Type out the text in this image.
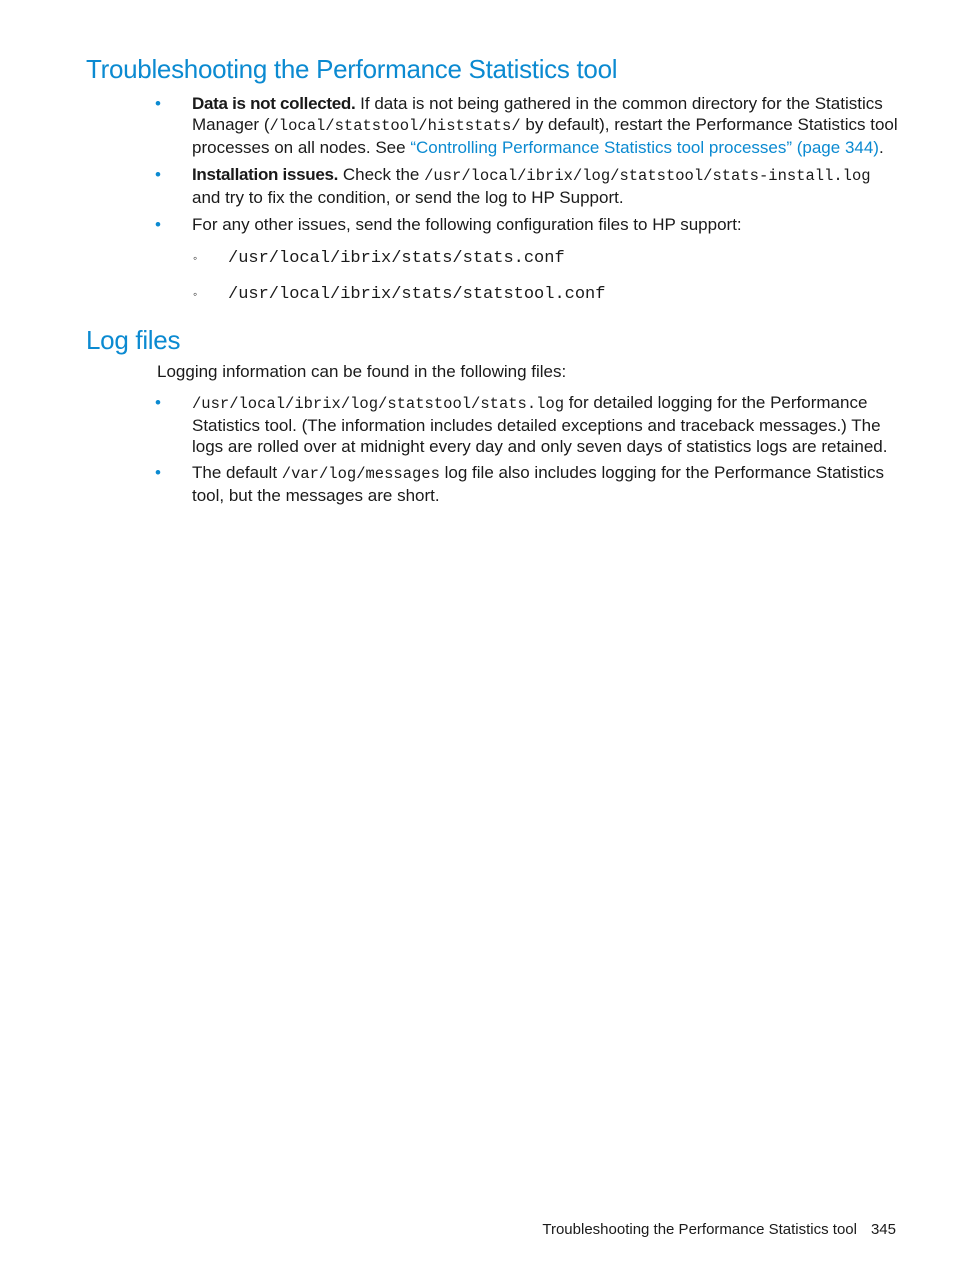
Troubleshooting the Performance Statistics tool
• Data is not collected. If data is not being gathered in the common directory for the Statistics Manager (/local/statstool/histstats/ by default), restart the Performance Statistics tool processes on all nodes. See “Controlling Performance Statistics tool processes” (page 344).
• Installation issues. Check the /usr/local/ibrix/log/statstool/stats-install.log and try to fix the condition, or send the log to HP Support.
• For any other issues, send the following configuration files to HP support:
◦ /usr/local/ibrix/stats/stats.conf
◦ /usr/local/ibrix/stats/statstool.conf
Log files
Logging information can be found in the following files:
• /usr/local/ibrix/log/statstool/stats.log for detailed logging for the Performance Statistics tool. (The information includes detailed exceptions and traceback messages.) The logs are rolled over at midnight every day and only seven days of statistics logs are retained.
• The default /var/log/messages log file also includes logging for the Performance Statistics tool, but the messages are short.
Troubleshooting the Performance Statistics tool 345
